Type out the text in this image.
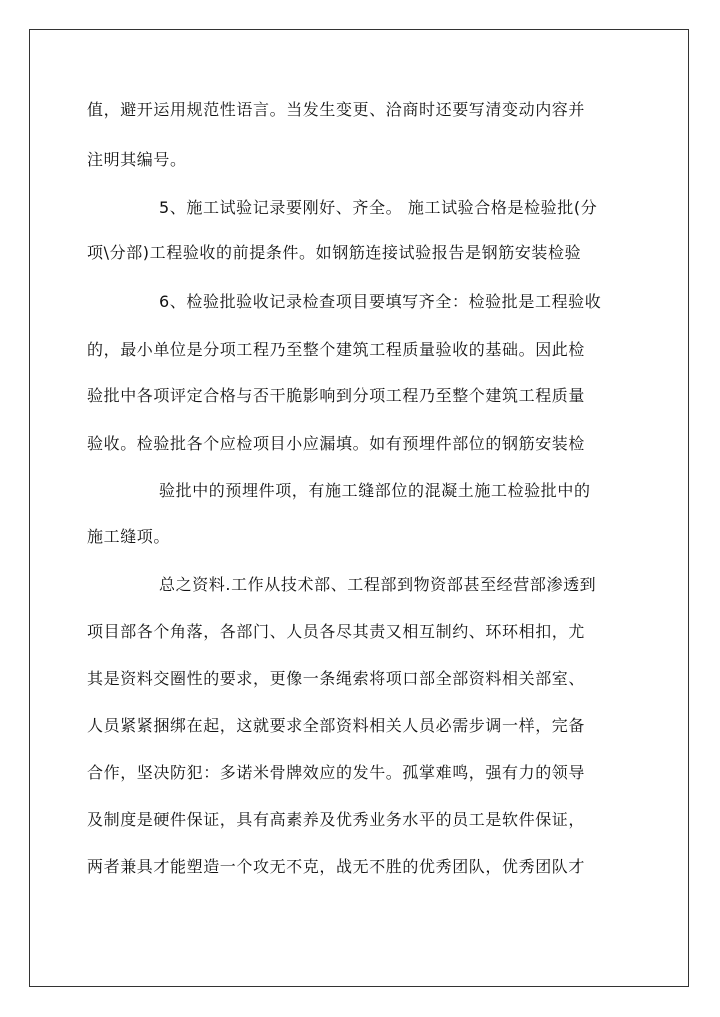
值，避开运用规范性语言。当发生变更、洽商时还要写清变动内容并
注明其编号。
5、施工试验记录要刚好、齐全。 施工试验合格是检验批(分
项\分部)工程验收的前提条件。如钢筋连接试验报告是钢筋安装检验
6、检验批验收记录检查项目要填写齐全：检验批是工程验收
的，最小单位是分项工程乃至整个建筑工程质量验收的基础。因此检
验批中各项评定合格与否干脆影响到分项工程乃至整个建筑工程质量
验收。检验批各个应检项目小应漏填。如有预埋件部位的钢筋安装检
验批中的预埋件项，有施工缝部位的混凝土施工检验批中的
施工缝项。
总之资料.工作从技术部、工程部到物资部甚至经营部渗透到
项目部各个角落，各部门、人员各尽其责又相互制约、环环相扣，尤
其是资料交圈性的要求，更像一条绳索将项口部全部资料相关部室、
人员紧紧捆绑在起，这就要求全部资料相关人员必需步调一样，完备
合作，坚决防犯：多诺米骨牌效应的发牛。孤掌难鸣，强有力的领导
及制度是硬件保证，具有高素养及优秀业务水平的员工是软件保证，
两者兼具才能塑造一个攻无不克，战无不胜的优秀团队，优秀团队才
